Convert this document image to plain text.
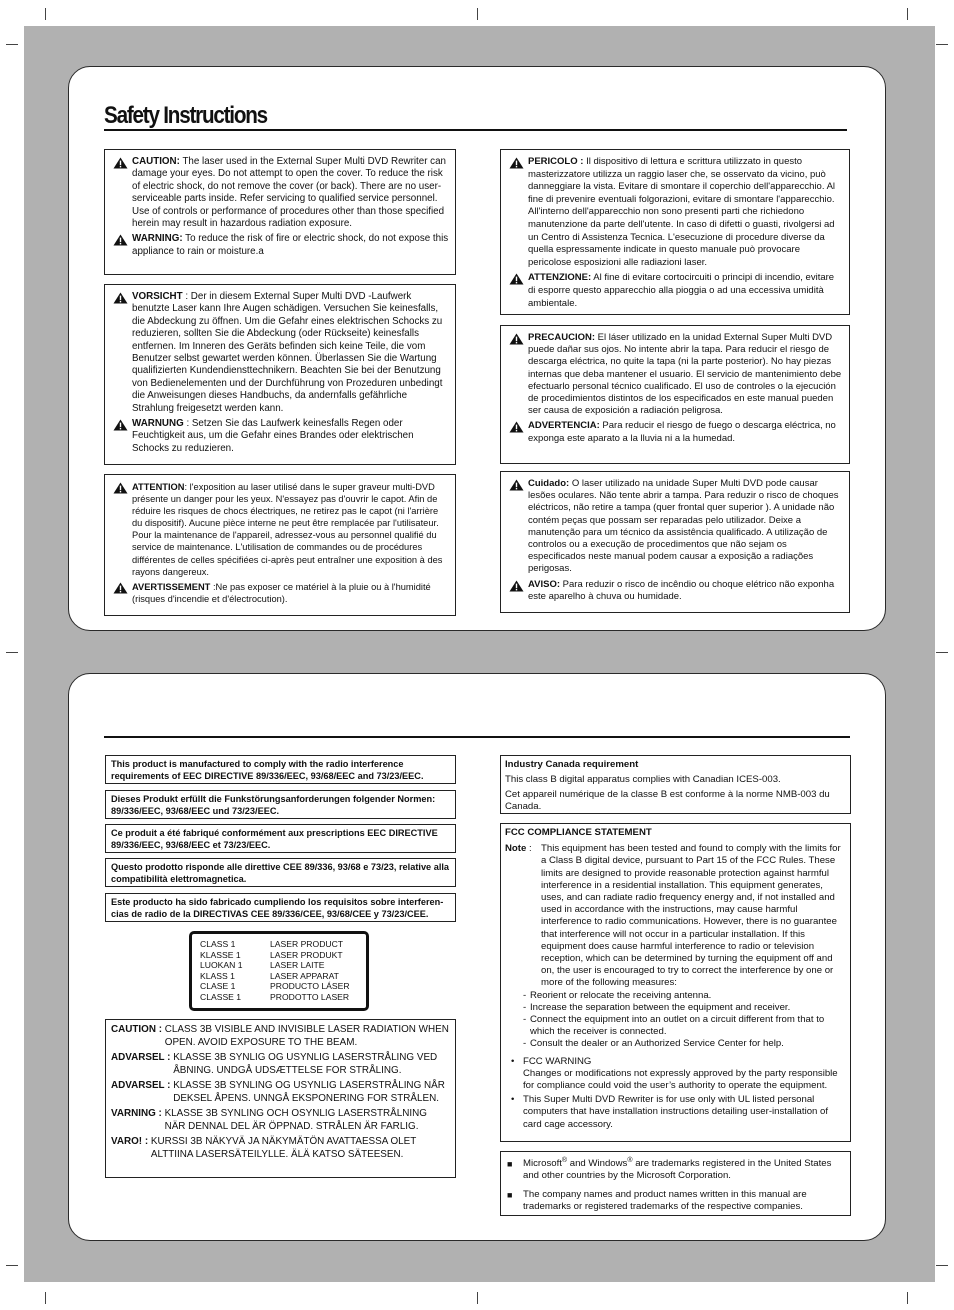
Safety Instructions
CAUTION: The laser used in the External Super Multi DVD Rewriter can damage your eyes. Do not attempt to open the cover. To reduce the risk of electric shock, do not remove the cover (or back). There are no user-serviceable parts inside. Refer servicing to qualified service personnel. Use of controls or performance of procedures other than those specified herein may result in hazardous radiation exposure.
WARNING: To reduce the risk of fire or electric shock, do not expose this appliance to rain or moisture.a
VORSICHT : Der in diesem External Super Multi DVD -Laufwerk benutzte Laser kann Ihre Augen schädigen. Versuchen Sie keinesfalls, die Abdeckung zu öffnen. Um die Gefahr eines elektrischen Schocks zu reduzieren, sollten Sie die Abdeckung (oder Rückseite) keinesfalls entfernen. Im Inneren des Geräts befinden sich keine Teile, die vom Benutzer selbst gewartet werden können. Überlassen Sie die Wartung qualifizierten Kundendiensttechnikern. Beachten Sie bei der Benutzung von Bedienelementen und der Durchführung von Prozeduren unbedingt die Anweisungen dieses Handbuchs, da andernfalls gefährliche Strahlung freigesetzt werden kann.
WARNUNG : Setzen Sie das Laufwerk keinesfalls Regen oder Feuchtigkeit aus, um die Gefahr eines Brandes oder elektrischen Schocks zu reduzieren.
ATTENTION: l'exposition au laser utilisé dans le super graveur multi-DVD présente un danger pour les yeux. N'essayez pas d'ouvrir le capot. Afin de réduire les risques de chocs électriques, ne retirez pas le capot (ni l'arrière du dispositif). Aucune pièce interne ne peut être remplacée par l'utilisateur. Pour la maintenance de l'appareil, adressez-vous au personnel qualifié du service de maintenance. L'utilisation de commandes ou de procédures différentes de celles spécifiées ci-après peut entraîner une exposition à des rayons dangereux.
AVERTISSEMENT :Ne pas exposer ce matériel à la pluie ou à l'humidité (risques d'incendie et d'électrocution).
PERICOLO : Il dispositivo di lettura e scrittura utilizzato in questo masterizzatore utilizza un raggio laser che, se osservato da vicino, può danneggiare la vista. Evitare di smontare il coperchio dell'apparecchio. Al fine di prevenire eventuali folgorazioni, evitare di smontare l'apparecchio. All'interno dell'apparecchio non sono presenti parti che richiedono manutenzione da parte dell'utente. In caso di difetti o guasti, rivolgersi ad un Centro di Assistenza Tecnica. L'esecuzione di procedure diverse da quella espressamente indicate in questo manuale può provocare pericolose esposizioni alle radiazioni laser.
ATTENZIONE: Al fine di evitare cortocircuiti o principi di incendio, evitare di esporre questo apparecchio alla pioggia o ad una eccessiva umidità ambientale.
PRECAUCION: El láser utilizado en la unidad External Super Multi DVD puede dañar sus ojos. No intente abrir la tapa. Para reducir el riesgo de descarga eléctrica, no quite la tapa (ni la parte posterior). No hay piezas internas que deba mantener el usuario. El servicio de mantenimiento debe efectuarlo personal técnico cualificado. El uso de controles o la ejecución de procedimientos distintos de los especificados en este manual pueden ser causa de exposición a radiación peligrosa.
ADVERTENCIA: Para reducir el riesgo de fuego o descarga eléctrica, no exponga este aparato a la lluvia ni a la humedad.
Cuidado: O laser utilizado na unidade Super Multi DVD pode causar lesões oculares. Não tente abrir a tampa. Para reduzir o risco de choques eléctricos, não retire a tampa (quer frontal quer superior ). A unidade não contém peças que possam ser reparadas pelo utilizador. Deixe a manutenção para um técnico da assistência qualificado. A utilização de controlos ou a execução de procedimentos que não sejam os especificados neste manual podem causar a exposição a radiações perigosas.
AVISO: Para reduzir o risco de incêndio ou choque elétrico não exponha este aparelho à chuva ou humidade.
This product is manufactured to comply with the radio interference requirements of EEC DIRECTIVE 89/336/EEC, 93/68/EEC and 73/23/EEC.
Dieses Produkt erfüllt die Funkstörungsanforderungen folgender Normen: 89/336/EEC, 93/68/EEC und 73/23/EEC.
Ce produit a été fabriqué conformément aux prescriptions EEC DIRECTIVE 89/336/EEC, 93/68/EEC et 73/23/EEC.
Questo prodotto risponde alle direttive CEE 89/336, 93/68 e 73/23, relative alla compatibilità elettromagnetica.
Este producto ha sido fabricado cumpliendo los requisitos sobre interferen- cias de radio de la DIRECTIVAS CEE 89/336/CEE, 93/68/CEE y 73/23/CEE.
CLASS 1	LASER PRODUCT
KLASSE 1	LASER PRODUKT
LUOKAN 1	LASER LAITE
KLASS 1	LASER APPARAT
CLASE 1	PRODUCTO LÁSER
CLASSE 1	PRODOTTO LASER
CAUTION : CLASS 3B VISIBLE AND INVISIBLE LASER RADIATION WHEN OPEN. AVOID EXPOSURE TO THE BEAM.
ADVARSEL : KLASSE 3B SYNLIG OG USYNLIG LASERSTRÅLING VED ÅBNING. UNDGÅ UDSÆTTELSE FOR STRÅLING.
ADVARSEL : KLASSE 3B SYNLING OG USYNLIG LASERSTRÅLING NÅR DEKSEL ÅPENS. UNNGÅ EKSPONERING FOR STRÅLEN.
VARNING : KLASSE 3B SYNLING OCH OSYNLIG LASERSTRÅLNING NÄR DENNAL DEL ÄR ÖPPNAD. STRÅLEN ÄR FARLIG.
VARO! : KURSSI 3B NÄKYVÄ JA NÄKYMÄTÖN AVATTAESSA OLET ALTTIINA LASERSÄTEILYLLE. ÄLÄ KATSO SÄTEESEN.
Industry Canada requirement
This class B digital apparatus complies with Canadian ICES-003.
Cet appareil numérique de la classe B est conforme à la norme NMB-003 du Canada.
FCC COMPLIANCE STATEMENT
Note : This equipment has been tested and found to comply with the limits for a Class B digital device, pursuant to Part 15 of the FCC Rules. These limits are designed to provide reasonable protection against harmful interference in a residential installation. This equipment generates, uses, and can radiate radio frequency energy and, if not installed and used in accordance with the instructions, may cause harmful interference to radio communications. However, there is no guarantee that interference will not occur in a particular installation. If this equipment does cause harmful interference to radio or television reception, which can be determined by turning the equipment off and on, the user is encouraged to try to correct the interference by one or more of the following measures:
- Reorient or relocate the receiving antenna.
- Increase the separation between the equipment and receiver.
- Connect the equipment into an outlet on a circuit different from that to which the receiver is connected.
- Consult the dealer or an Authorized Service Center for help.
• FCC WARNING
Changes or modifications not expressly approved by the party responsible for compliance could void the user’s authority to operate the equipment.
• This Super Multi DVD Rewriter is for use only with UL listed personal computers that have installation instructions detailing user-installation of card cage accessory.
■	Microsoft® and Windows® are trademarks registered in the United States and other countries by the Microsoft Corporation.
■	The company names and product names written in this manual are trademarks or registered trademarks of the respective companies.
